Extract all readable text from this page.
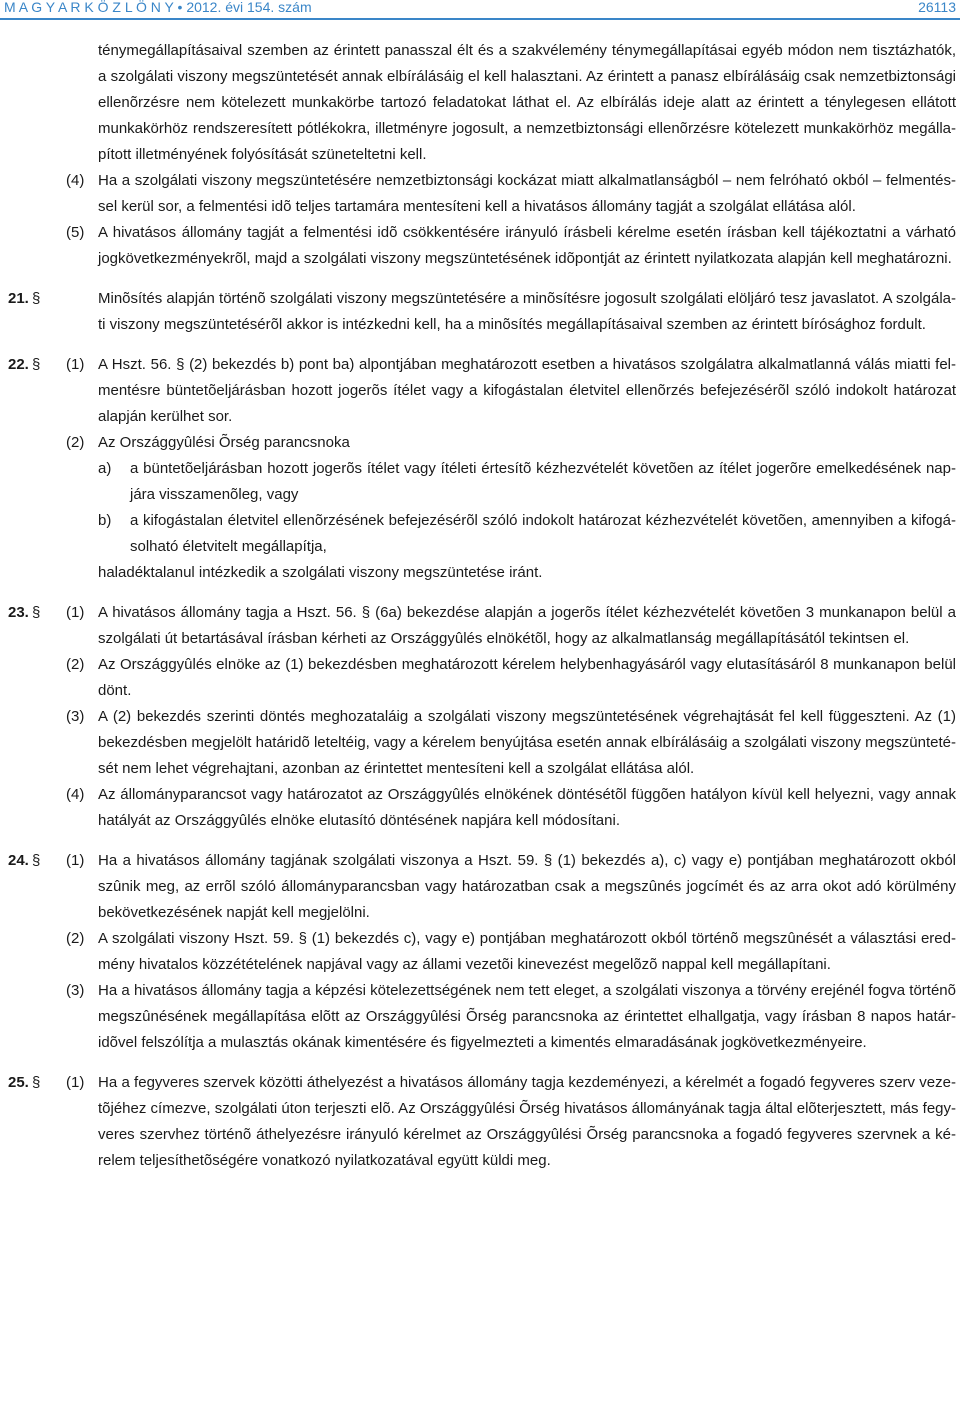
M A G Y A R K Ö Z L Ö N Y • 2012. évi 154. szám	26113
ténymegállapításaival szemben az érintett panasszal élt és a szakvélemény ténymegállapításai egyéb módon nem tisztázhatók, a szolgálati viszony megszüntetését annak elbírálásáig el kell halasztani. Az érintett a panasz elbírálásáig csak nemzetbiztonsági ellenõrzésre nem kötelezett munkakörbe tartozó feladatokat láthat el. Az elbírálás ideje alatt az érintett a ténylegesen ellátott munkakörhöz rendszeresített pótlékokra, illetményre jogosult, a nemzetbiztonsági ellenõrzésre kötelezett munkakörhöz megállapított illetményének folyósítását szüneteltetni kell.
(4) Ha a szolgálati viszony megszüntetésére nemzetbiztonsági kockázat miatt alkalmatlanságból – nem felróható okból – felmentéssel kerül sor, a felmentési idõ teljes tartamára mentesíteni kell a hivatásos állomány tagját a szolgálat ellátása alól.
(5) A hivatásos állomány tagját a felmentési idõ csökkentésére irányuló írásbeli kérelme esetén írásban kell tájékoztatni a várható jogkövetkezményekrõl, majd a szolgálati viszony megszüntetésének idõpontját az érintett nyilatkozata alapján kell meghatározni.
21. §	Minõsítés alapján történõ szolgálati viszony megszüntetésére a minõsítésre jogosult szolgálati elöljáró tesz javaslatot. A szolgálati viszony megszüntetésérõl akkor is intézkedni kell, ha a minõsítés megállapításaival szemben az érintett bírósághoz fordult.
22. § (1) A Hszt. 56. § (2) bekezdés b) pont ba) alpontjában meghatározott esetben a hivatásos szolgálatra alkalmatlanná válás miatti felmentésre büntetõeljárásban hozott jogerõs ítélet vagy a kifogástalan életvitel ellenõrzés befejezésérõl szóló indokolt határozat alapján kerülhet sor.
(2) Az Országgyûlési Õrség parancsnoka
a) a büntetõeljárásban hozott jogerõs ítélet vagy ítéleti értesítõ kézhezvételét követõen az ítélet jogerõre emelkedésének napjára visszamenõleg, vagy
b) a kifogástalan életvitel ellenõrzésének befejezésérõl szóló indokolt határozat kézhezvételét követõen, amennyiben a kifogásolható életvitelt megállapítja,
haladéktalanul intézkedik a szolgálati viszony megszüntetése iránt.
23. § (1) A hivatásos állomány tagja a Hszt. 56. § (6a) bekezdése alapján a jogerõs ítélet kézhezvételét követõen 3 munkanapon belül a szolgálati út betartásával írásban kérheti az Országgyûlés elnökétõl, hogy az alkalmatlanság megállapításától tekintsen el.
(2) Az Országgyûlés elnöke az (1) bekezdésben meghatározott kérelem helybenhagyásáról vagy elutasításáról 8 munkanapon belül dönt.
(3) A (2) bekezdés szerinti döntés meghozataláig a szolgálati viszony megszüntetésének végrehajtását fel kell függeszteni. Az (1) bekezdésben megjelölt határidõ leteltéig, vagy a kérelem benyújtása esetén annak elbírálásáig a szolgálati viszony megszüntetését nem lehet végrehajtani, azonban az érintettet mentesíteni kell a szolgálat ellátása alól.
(4) Az állományparancsot vagy határozatot az Országgyûlés elnökének döntésétõl függõen hatályon kívül kell helyezni, vagy annak hatályát az Országgyûlés elnöke elutasító döntésének napjára kell módosítani.
24. § (1) Ha a hivatásos állomány tagjának szolgálati viszonya a Hszt. 59. § (1) bekezdés a), c) vagy e) pontjában meghatározott okból szûnik meg, az errõl szóló állományparancsban vagy határozatban csak a megszûnés jogcímét és az arra okot adó körülmény bekövetkezésének napját kell megjelölni.
(2) A szolgálati viszony Hszt. 59. § (1) bekezdés c), vagy e) pontjában meghatározott okból történõ megszûnését a választási eredmény hivatalos közzétételének napjával vagy az állami vezetõi kinevezést megelõzõ nappal kell megállapítani.
(3) Ha a hivatásos állomány tagja a képzési kötelezettségének nem tett eleget, a szolgálati viszonya a törvény erejénél fogva történõ megszûnésének megállapítása elõtt az Országgyûlési Õrség parancsnoka az érintettet elhallgatja, vagy írásban 8 napos határidõvel felszólítja a mulasztás okának kimentésére és figyelmezteti a kimentés elmaradásának jogkövetkezményeire.
25. § (1) Ha a fegyveres szervek közötti áthelyezést a hivatásos állomány tagja kezdeményezi, a kérelmét a fogadó fegyveres szerv vezetõjéhez címezve, szolgálati úton terjeszti elõ. Az Országgyûlési Õrség hivatásos állományának tagja által elõterjesztett, más fegyveres szervhez történõ áthelyezésre irányuló kérelmet az Országgyûlési Õrség parancsnoka a fogadó fegyveres szervnek a kérelem teljesíthetõségére vonatkozó nyilatkozatával együtt küldi meg.
